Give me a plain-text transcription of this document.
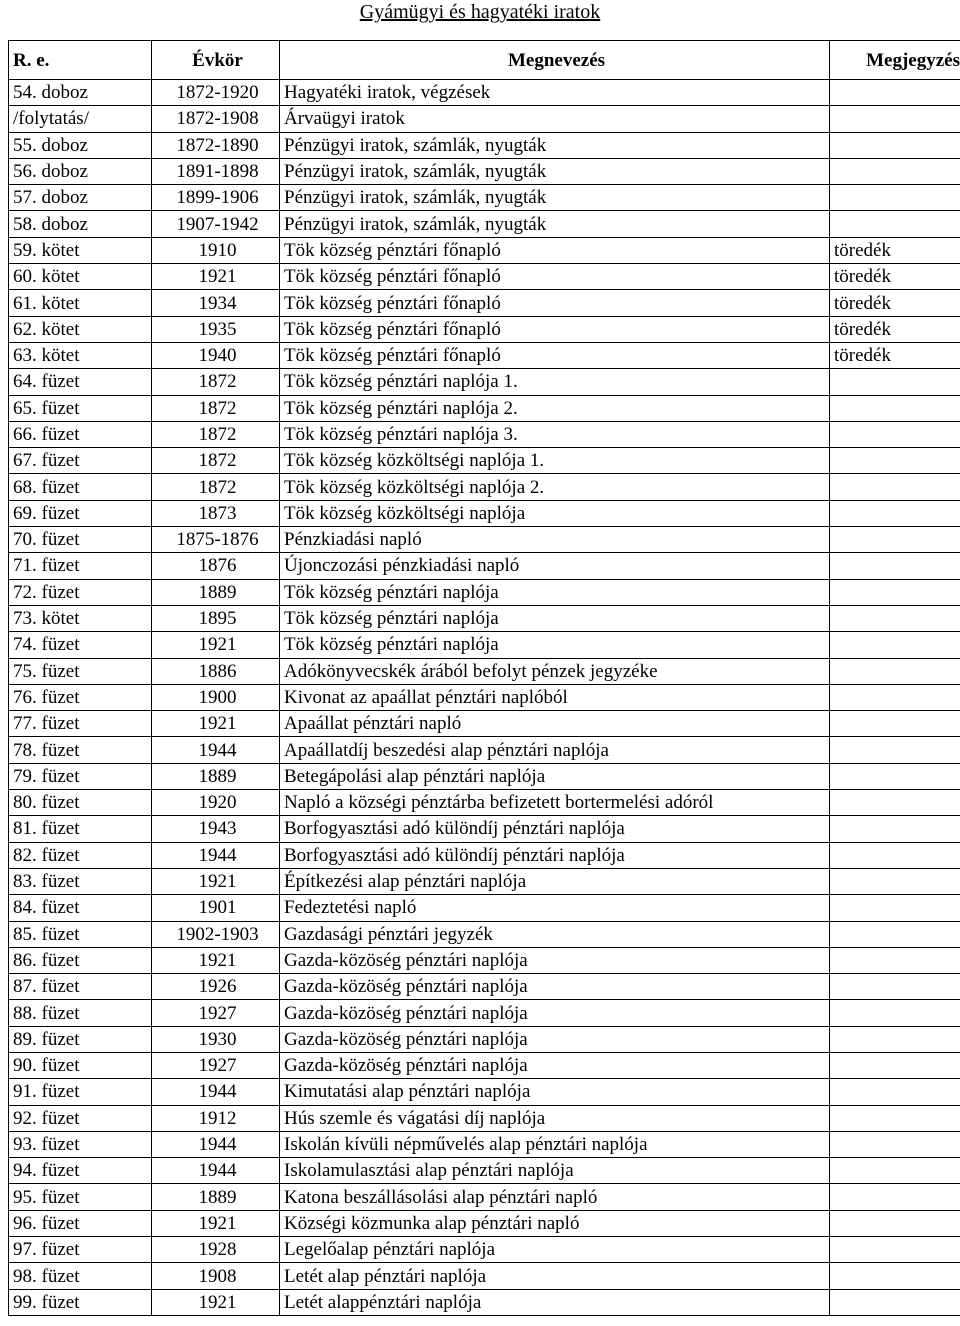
Gyámügyi és hagyatéki iratok
R. e.	Évkör	Megnevezés	Megjegyzés
54. doboz	1872-1920	Hagyatéki iratok, végzések	
/folytatás/	1872-1908	Árvaügyi iratok	
55. doboz	1872-1890	Pénzügyi iratok, számlák, nyugták	
56. doboz	1891-1898	Pénzügyi iratok, számlák, nyugták	
57. doboz	1899-1906	Pénzügyi iratok, számlák, nyugták	
58. doboz	1907-1942	Pénzügyi iratok, számlák, nyugták	
59. kötet	1910	Tök község pénztári főnapló	töredék
60. kötet	1921	Tök község pénztári főnapló	töredék
61. kötet	1934	Tök község pénztári főnapló	töredék
62. kötet	1935	Tök község pénztári főnapló	töredék
63. kötet	1940	Tök község pénztári főnapló	töredék
64. füzet	1872	Tök község pénztári naplója 1.	
65. füzet	1872	Tök község pénztári naplója 2.	
66. füzet	1872	Tök község pénztári naplója 3.	
67. füzet	1872	Tök község közköltségi naplója 1.	
68. füzet	1872	Tök község közköltségi naplója 2.	
69. füzet	1873	Tök község közköltségi naplója	
70. füzet	1875-1876	Pénzkiadási napló	
71. füzet	1876	Újonczozási pénzkiadási napló	
72. füzet	1889	Tök község pénztári naplója	
73. kötet	1895	Tök község pénztári naplója	
74. füzet	1921	Tök község pénztári naplója	
75. füzet	1886	Adókönyvecskék árából befolyt pénzek jegyzéke	
76. füzet	1900	Kivonat az apaállat pénztári naplóból	
77. füzet	1921	Apaállat pénztári napló	
78. füzet	1944	Apaállatdíj beszedési alap pénztári naplója	
79. füzet	1889	Betegápolási alap pénztári naplója	
80. füzet	1920	Napló a községi pénztárba befizetett bortermelési adóról	
81. füzet	1943	Borfogyasztási adó különdíj pénztári naplója	
82. füzet	1944	Borfogyasztási adó különdíj pénztári naplója	
83. füzet	1921	Építkezési alap pénztári naplója	
84. füzet	1901	Fedeztetési napló	
85. füzet	1902-1903	Gazdasági pénztári jegyzék	
86. füzet	1921	Gazda-közöség pénztári naplója	
87. füzet	1926	Gazda-közöség pénztári naplója	
88. füzet	1927	Gazda-közöség pénztári naplója	
89. füzet	1930	Gazda-közöség pénztári naplója	
90. füzet	1927	Gazda-közöség pénztári naplója	
91. füzet	1944	Kimutatási alap pénztári naplója	
92. füzet	1912	Hús szemle és vágatási díj naplója	
93. füzet	1944	Iskolán kívüli népművelés alap pénztári naplója	
94. füzet	1944	Iskolamulasztási alap pénztári naplója	
95. füzet	1889	Katona beszállásolási alap pénztári napló	
96. füzet	1921	Községi közmunka alap pénztári napló	
97. füzet	1928	Legelőalap pénztári naplója	
98. füzet	1908	Letét alap pénztári naplója	
99. füzet	1921	Letét alappénztári naplója	
